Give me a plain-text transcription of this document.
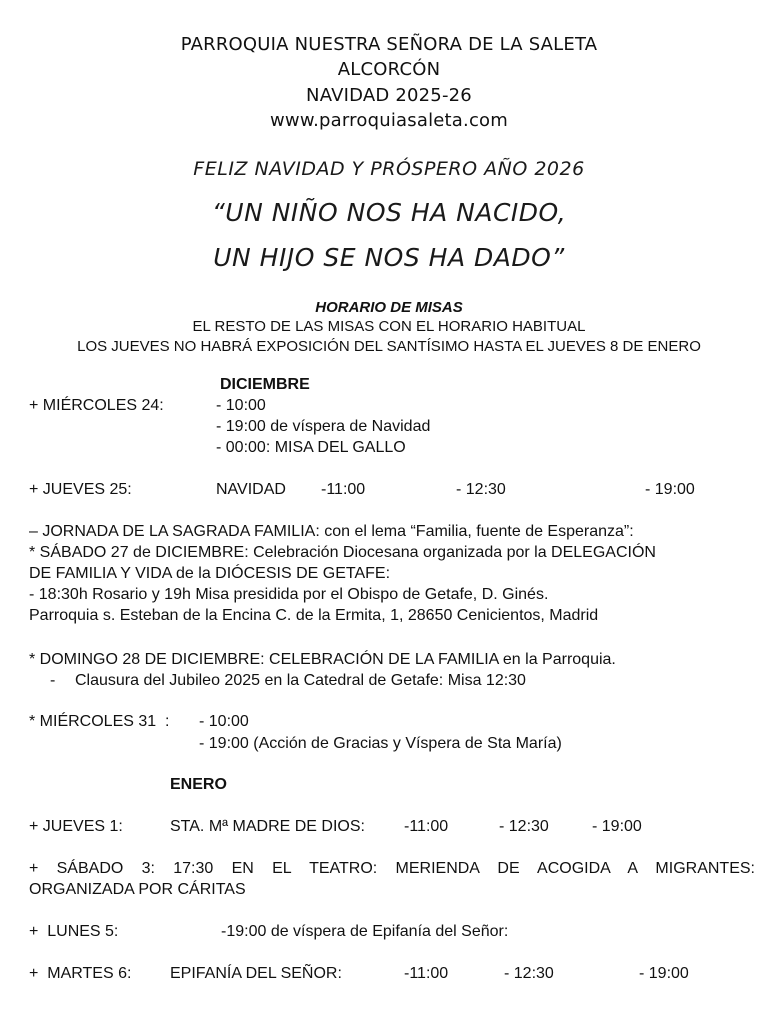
PARROQUIA NUESTRA SEÑORA DE LA SALETA
ALCORCÓN
NAVIDAD 2025-26
www.parroquiasaleta.com
FELIZ NAVIDAD Y PRÓSPERO AÑO 2026
“UN NIÑO NOS HA NACIDO,
UN HIJO SE NOS HA DADO”
HORARIO DE MISAS
EL RESTO DE LAS MISAS CON EL HORARIO HABITUAL
LOS JUEVES NO HABRÁ EXPOSICIÓN DEL SANTÍSIMO HASTA EL JUEVES 8 DE ENERO
DICIEMBRE
+ MIÉRCOLES 24:	- 10:00
- 19:00 de víspera de Navidad
- 00:00: MISA DEL GALLO
+ JUEVES 25:	NAVIDAD -11:00	- 12:30	- 19:00
– JORNADA DE LA SAGRADA FAMILIA: con el lema “Familia, fuente de Esperanza”:
* SÁBADO 27 de DICIEMBRE: Celebración Diocesana organizada por la DELEGACIÓN
DE FAMILIA Y VIDA de la DIÓCESIS DE GETAFE:
- 18:30h Rosario y 19h Misa presidida por el Obispo de Getafe, D. Ginés.
Parroquia s. Esteban de la Encina C. de la Ermita, 1, 28650 Cenicientos, Madrid
* DOMINGO 28 DE DICIEMBRE: CELEBRACIÓN DE LA FAMILIA en la Parroquia.
- Clausura del Jubileo 2025 en la Catedral de Getafe: Misa 12:30
* MIÉRCOLES 31  : - 10:00
- 19:00 (Acción de Gracias y Víspera de Sta María)
ENERO
+ JUEVES 1:	STA. Mª MADRE DE DIOS: -11:00	- 12:30	- 19:00
+ SÁBADO 3: 17:30 EN EL TEATRO: MERIENDA DE ACOGIDA A MIGRANTES:
ORGANIZADA POR CÁRITAS
+  LUNES 5:	-19:00 de víspera de Epifanía del Señor:
+  MARTES 6: EPIFANÍA DEL SEÑOR:	-11:00	- 12:30	- 19:00
